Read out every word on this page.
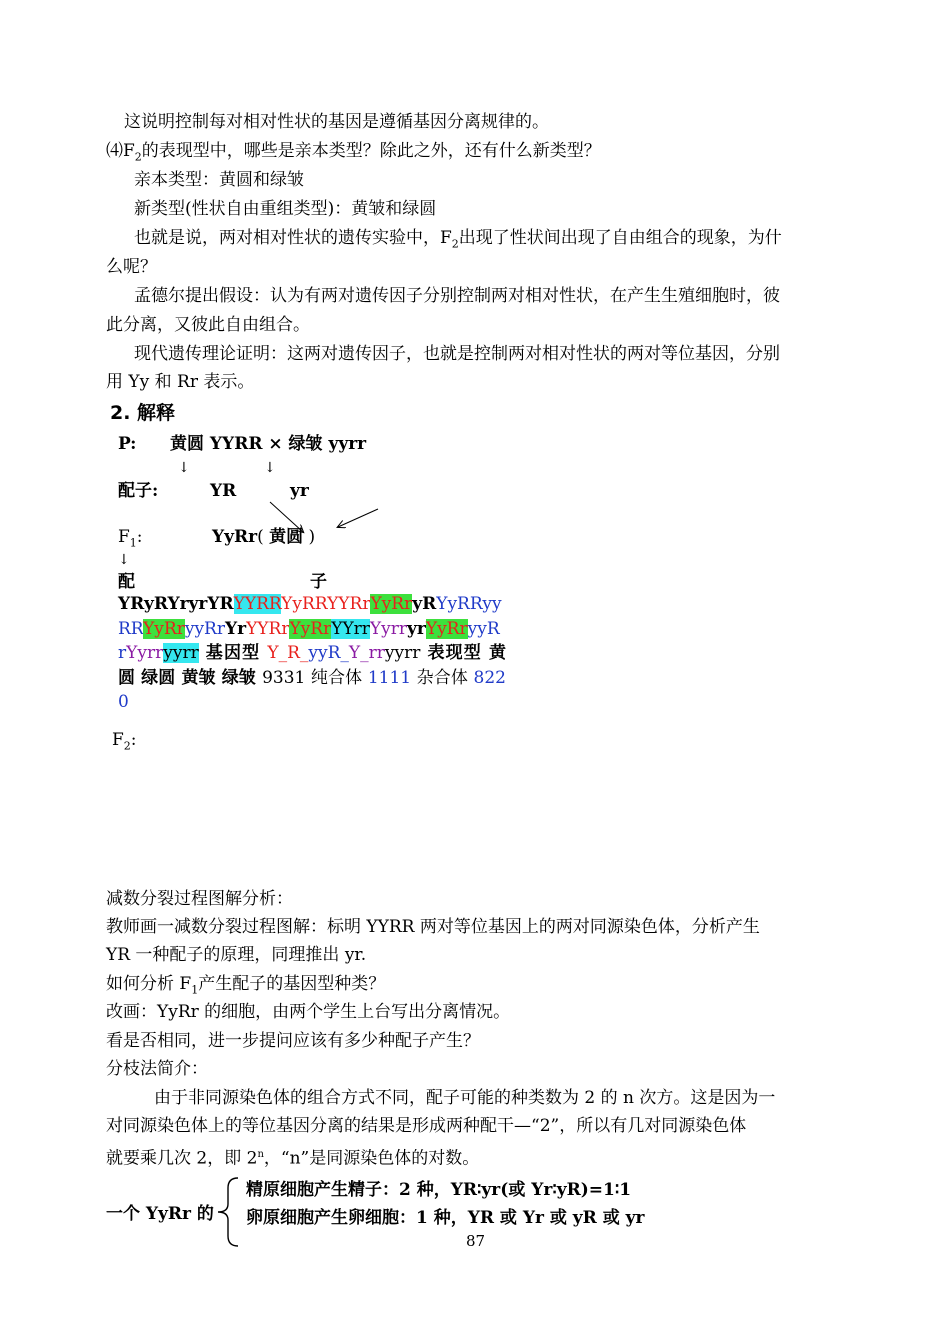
这说明控制每对相对性状的基因是遵循基因分离规律的。
$⑷F_2$的表现型中，哪些是亲本类型？除此之外，还有什么新类型？
亲本类型：黄圆和绿皱
新类型(性状自由重组类型)：黄皱和绿圆
也就是说，两对相对性状的遗传实验中，$F_2$出现了性状间出现了自由组合的现象，为什
么呢？
孟德尔提出假设：认为有两对遗传因子分别控制两对相对性状，在产生生殖细胞时，彼
此分离，又彼此自由组合。
现代遗传理论证明：这两对遗传因子，也就是控制两对相对性状的两对等位基因，分别
用 Yy 和 Rr 表示。
2. 解释
P: 黄圆 YYRR × 绿皱 yyrr
↓	↓
配子:	YR	yr
$F_1$:	YyRr( 黄圆 )
↓
配	子
YRyRYryrYRYYRRYyRRYYRrYyRryRYyRRyyRRYyRryyRrYrYYRrYyRrYYrrYyrryrYyRryyRrYyrryyrr 基因型 Y_R_yyR_Y_rryyrr 表现型 黄圆 绿圆 黄皱 绿皱 9331 纯合体 1111 杂合体 8220
$F_2$:
减数分裂过程图解分析：
教师画一减数分裂过程图解：标明 YYRR 两对等位基因上的两对同源染色体，分析产生
YR 一种配子的原理，同理推出 yr.
如何分析 $F_1$产生配子的基因型种类？
改画：YyRr 的细胞，由两个学生上台写出分离情况。
看是否相同，进一步提问应该有多少种配子产生？
分枝法简介：
由于非同源染色体的组合方式不同，配子可能的种类数为 2 的 n 次方。这是因为一
对同源染色体上的等位基因分离的结果是形成两种配干—“2”，所以有几对同源染色体
就要乘几次 2，即 2$^n$，“n”是同源染色体的对数。
一个 YyRr 的
精原细胞产生精子：2 种，YR∶yr(或 Yr∶yR)=1∶1
卵原细胞产生卵细胞：1 种，YR 或 Yr 或 yR 或 yr
87
